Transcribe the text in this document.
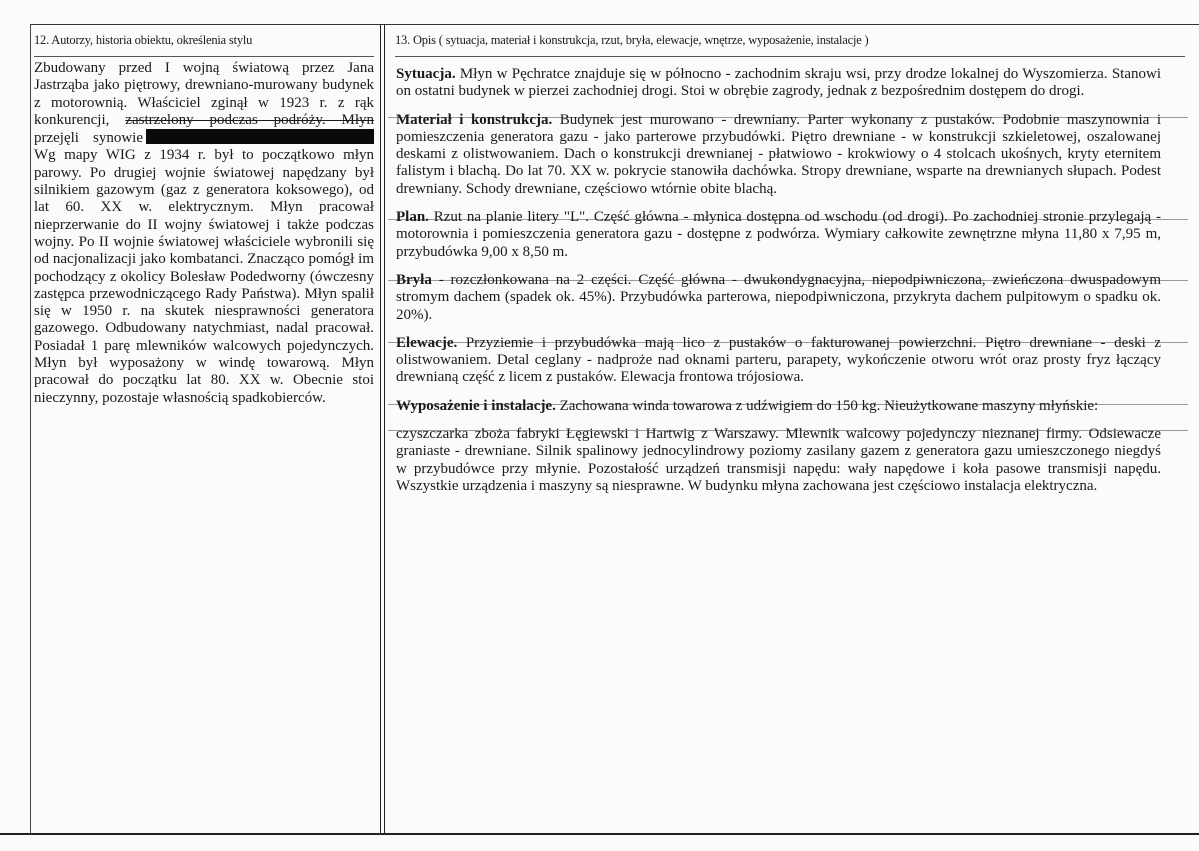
12. Autorzy, historia obiektu, określenia stylu	13. Opis ( sytuacja, materiał i konstrukcja, rzut, bryła, elewacje, wnętrze, wyposażenie, instalacje )

Zbudowany przed I wojną światową przez Jana Jastrząba jako piętrowy, drewniano-murowany budynek z motorownią. Właściciel zginął w 1923 r. z rąk konkurencji, zastrzelony podczas podróży. Młyn przejęli synowie Wg mapy WIG z 1934 r. był to początkowo młyn parowy. Po drugiej wojnie światowej napędzany był silnikiem gazowym (gaz z generatora koksowego), od lat 60. XX w. elektrycznym. Młyn pracował nieprzerwanie do II wojny światowej i także podczas wojny. Po II wojnie światowej właściciele wybronili się od nacjonalizacji jako kombatanci. Znacząco pomógł im pochodzący z okolicy Bolesław Podedworny (ówczesny zastępca przewodniczącego Rady Państwa). Młyn spalił się w 1950 r. na skutek niesprawności generatora gazowego. Odbudowany natychmiast, nadal pracował. Posiadał 1 parę mlewników walcowych pojedynczych. Młyn był wyposażony w windę towarową. Młyn pracował do początku lat 80. XX w. Obecnie stoi nieczynny, pozostaje własnością spadkobierców.

Sytuacja. Młyn w Pęchratce znajduje się w północno - zachodnim skraju wsi, przy drodze lokalnej do Wyszomierza. Stanowi on ostatni budynek w pierzei zachodniej drogi. Stoi w obrębie zagrody, jednak z bezpośrednim dostępem do drogi.

Materiał i konstrukcja. Budynek jest murowano - drewniany. Parter wykonany z pustaków. Podobnie maszynownia i pomieszczenia generatora gazu - jako parterowe przybudówki. Piętro drewniane - w konstrukcji szkieletowej, oszalowanej deskami z olistwowaniem. Dach o konstrukcji drewnianej - płatwiowo - krokwiowy o 4 stolcach ukośnych, kryty eternitem falistym i blachą. Do lat 70. XX w. pokrycie stanowiła dachówka. Stropy drewniane, wsparte na drewnianych słupach. Podest drewniany. Schody drewniane, częściowo wtórnie obite blachą.

Plan. Rzut na planie litery "L". Część główna - młynica dostępna od wschodu (od drogi). Po zachodniej stronie przylegają - motorownia i pomieszczenia generatora gazu - dostępne z podwórza. Wymiary całkowite zewnętrzne młyna 11,80 x 7,95 m, przybudówka 9,00 x 8,50 m.

Bryła - rozczłonkowana na 2 części. Część główna - dwukondygnacyjna, niepodpiwniczona, zwieńczona dwuspadowym stromym dachem (spadek ok. 45%). Przybudówka parterowa, niepodpiwniczona, przykryta dachem pulpitowym o spadku ok. 20%).

Elewacje. Przyziemie i przybudówka mają lico z pustaków o fakturowanej powierzchni. Piętro drewniane - deski z olistwowaniem. Detal ceglany - nadproże nad oknami parteru, parapety, wykończenie otworu wrót oraz prosty fryz łączący drewnianą część z licem z pustaków. Elewacja frontowa trójosiowa.

Wyposażenie i instalacje. Zachowana winda towarowa z udźwigiem do 150 kg. Nieużytkowane maszyny młyńskie:

czyszczarka zboża fabryki Łęgiewski i Hartwig z Warszawy. Mlewnik walcowy pojedynczy nieznanej firmy. Odsiewacze graniaste - drewniane. Silnik spalinowy jednocylindrowy poziomy zasilany gazem z generatora gazu umieszczonego niegdyś w przybudówce przy młynie. Pozostałość urządzeń transmisji napędu: wały napędowe i koła pasowe transmisji napędu. Wszystkie urządzenia i maszyny są niesprawne. W budynku młyna zachowana jest częściowo instalacja elektryczna.
